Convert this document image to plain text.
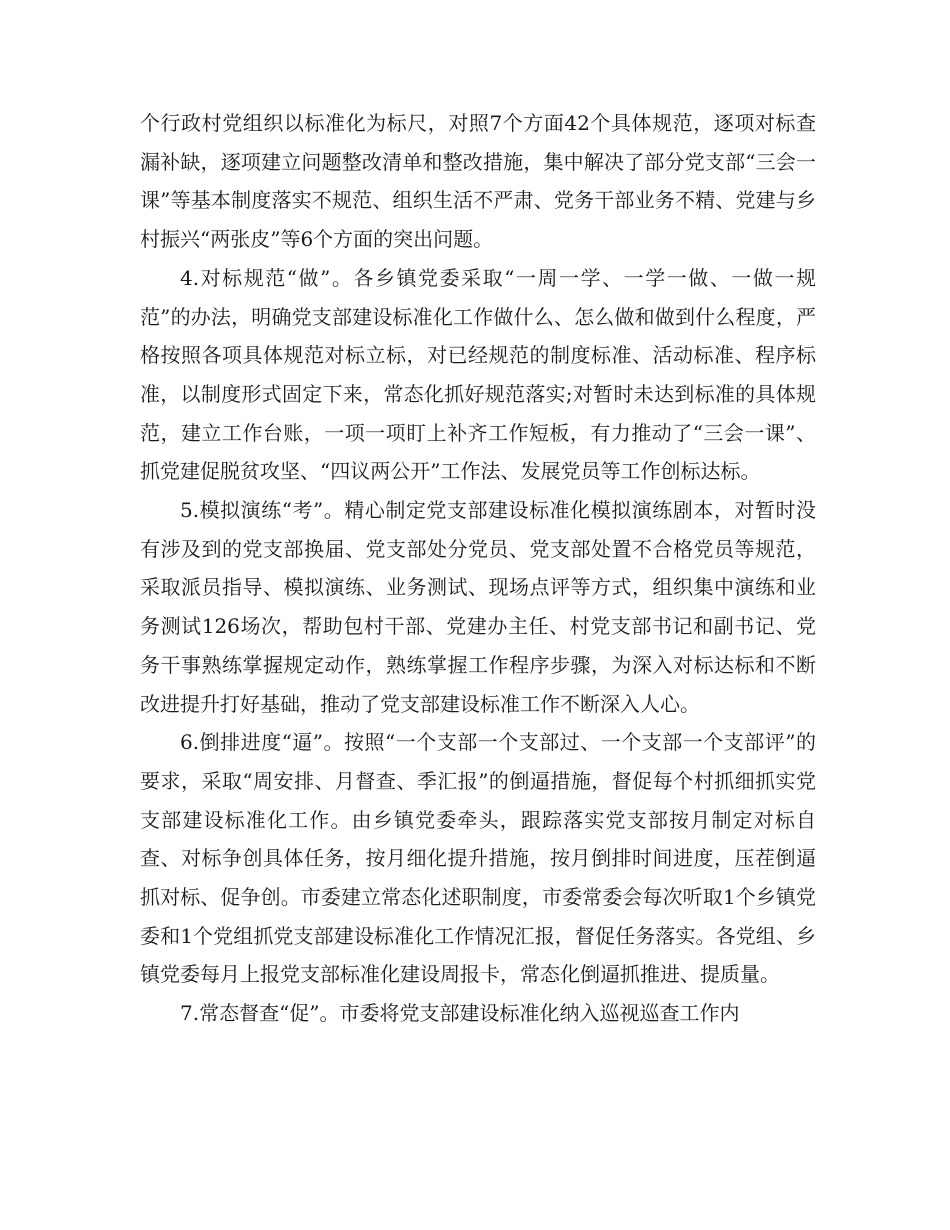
个行政村党组织以标准化为标尺，对照7个方面42个具体规范，逐项对标查漏补缺，逐项建立问题整改清单和整改措施，集中解决了部分党支部“三会一课”等基本制度落实不规范、组织生活不严肃、党务干部业务不精、党建与乡村振兴“两张皮”等6个方面的突出问题。

4.对标规范“做”。各乡镇党委采取“一周一学、一学一做、一做一规范”的办法，明确党支部建设标准化工作做什么、怎么做和做到什么程度，严格按照各项具体规范对标立标，对已经规范的制度标准、活动标准、程序标准，以制度形式固定下来，常态化抓好规范落实;对暂时未达到标准的具体规范，建立工作台账，一项一项盯上补齐工作短板，有力推动了“三会一课”、抓党建促脱贫攻坚、“四议两公开”工作法、发展党员等工作创标达标。

5.模拟演练“考”。精心制定党支部建设标准化模拟演练剧本，对暂时没有涉及到的党支部换届、党支部处分党员、党支部处置不合格党员等规范，采取派员指导、模拟演练、业务测试、现场点评等方式，组织集中演练和业务测试126场次，帮助包村干部、党建办主任、村党支部书记和副书记、党务干事熟练掌握规定动作，熟练掌握工作程序步骤，为深入对标达标和不断改进提升打好基础，推动了党支部建设标准工作不断深入人心。

6.倒排进度“逼”。按照“一个支部一个支部过、一个支部一个支部评”的要求，采取“周安排、月督查、季汇报”的倒逼措施，督促每个村抓细抓实党支部建设标准化工作。由乡镇党委牵头，跟踪落实党支部按月制定对标自查、对标争创具体任务，按月细化提升措施，按月倒排时间进度，压茬倒逼抓对标、促争创。市委建立常态化述职制度，市委常委会每次听取1个乡镇党委和1个党组抓党支部建设标准化工作情况汇报，督促任务落实。各党组、乡镇党委每月上报党支部标准化建设周报卡，常态化倒逼抓推进、提质量。

7.常态督查“促”。市委将党支部建设标准化纳入巡视巡查工作内
